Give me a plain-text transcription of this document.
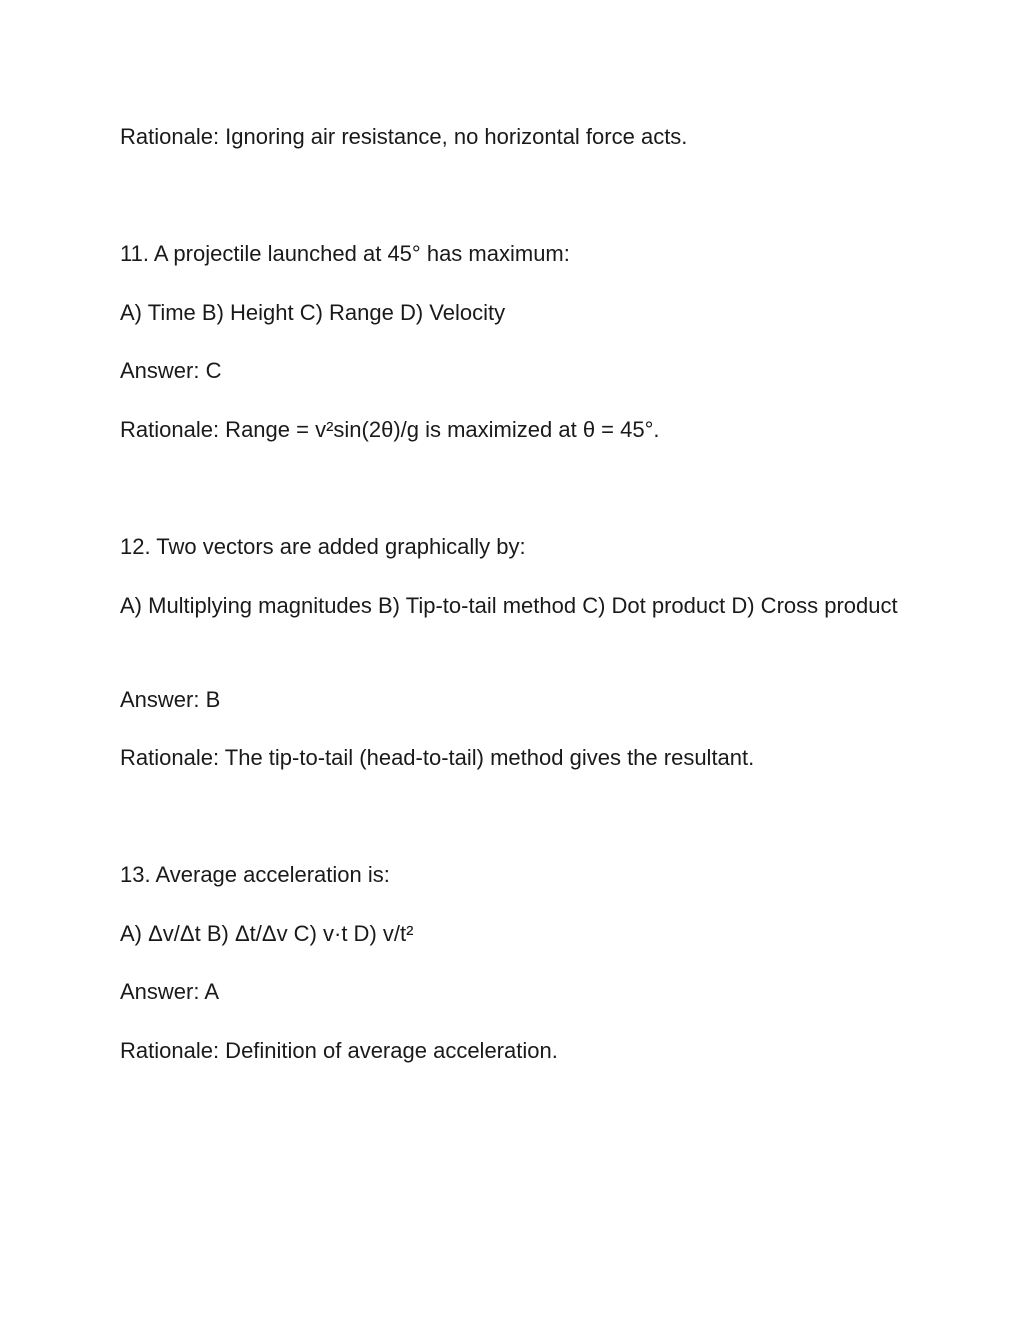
Rationale: Ignoring air resistance, no horizontal force acts.
11. A projectile launched at 45° has maximum:
A) Time B) Height C) Range D) Velocity
Answer: C
Rationale: Range = v²sin(2θ)/g is maximized at θ = 45°.
12. Two vectors are added graphically by:
A) Multiplying magnitudes B) Tip-to-tail method C) Dot product D) Cross product
Answer: B
Rationale: The tip-to-tail (head-to-tail) method gives the resultant.
13. Average acceleration is:
A) Δv/Δt B) Δt/Δv C) v·t D) v/t²
Answer: A
Rationale: Definition of average acceleration.
